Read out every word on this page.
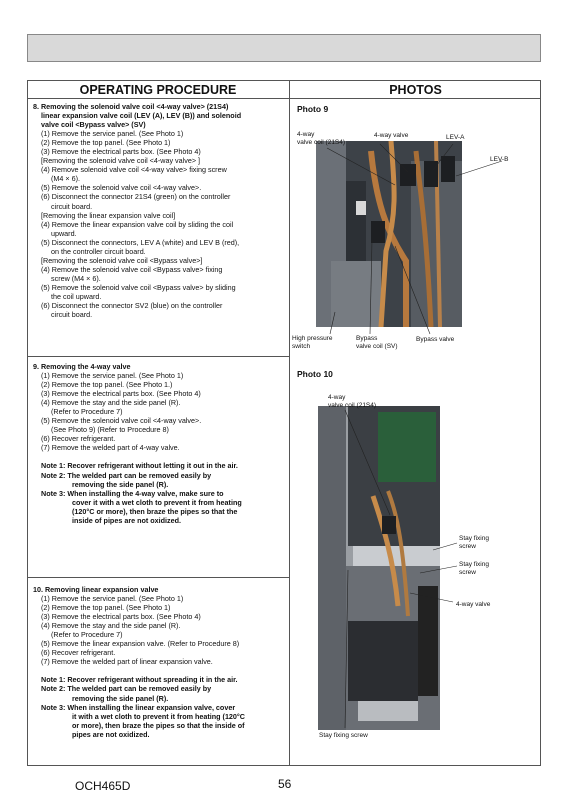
OPERATING PROCEDURE	PHOTOS
8. Removing the solenoid valve coil <4-way valve> (21S4)
linear expansion valve coil (LEV (A), LEV (B)) and solenoid
valve coil <Bypass valve> (SV)
(1) Remove the service panel. (See Photo 1)
(2) Remove the top panel. (See Photo 1)
(3) Remove the electrical parts box. (See Photo 4)
[Removing the solenoid valve coil <4-way valve> ]
(4) Remove solenoid valve coil <4-way valve> fixing screw
(M4 × 6).
(5) Remove the solenoid valve coil <4-way valve>.
(6) Disconnect the connector 21S4 (green) on the controller
circuit board.
[Removing the linear expansion valve coil]
(4) Remove the linear expansion valve coil by sliding the coil
upward.
(5) Disconnect the connectors, LEV A (white) and LEV B (red),
on the controller circuit board.
[Removing the solenoid valve coil <Bypass valve>]
(4) Remove the solenoid valve coil <Bypass valve> fixing
screw (M4 × 6).
(5) Remove the solenoid valve coil <Bypass valve> by sliding
the coil upward.
(6) Disconnect the connector SV2 (blue) on the controller
circuit board.
9. Removing the 4-way valve
(1) Remove the service panel. (See Photo 1)
(2) Remove the top panel. (See Photo 1.)
(3) Remove the electrical parts box. (See Photo 4)
(4) Remove the stay and the side panel (R).
(Refer to Procedure 7)
(5) Remove the solenoid valve coil <4-way valve>.
(See Photo 9) (Refer to Procedure 8)
(6) Recover refrigerant.
(7) Remove the welded part of 4-way valve.
Note 1: Recover refrigerant without letting it out in the air.
Note 2: The welded part can be removed easily by
removing the side panel (R).
Note 3: When installing the 4-way valve, make sure to
cover it with a wet cloth to prevent it from heating
(120°C or more), then braze the pipes so that the
inside of pipes are not oxidized.
10. Removing linear expansion valve
(1) Remove the service panel. (See Photo 1)
(2) Remove the top panel. (See Photo 1)
(3) Remove the electrical parts box. (See Photo 4)
(4) Remove the stay and the side panel (R).
(Refer to Procedure 7)
(5) Remove the linear expansion valve. (Refer to Procedure 8)
(6) Recover refrigerant.
(7) Remove the welded part of linear expansion valve.
Note 1: Recover refrigerant without spreading it in the air.
Note 2: The welded part can be removed easily by
removing the side panel (R).
Note 3: When installing the linear expansion valve, cover
it with a wet cloth to prevent it from heating (120°C
or more), then braze the pipes so that the inside of
pipes are not oxidized.
Photo 9
4-way
valve coil (21S4)
4-way valve	LEV-A
LEV-B
High pressure
switch
Bypass
valve coil (SV)
Bypass valve
Photo 10
4-way
valve coil (21S4)
Stay fixing
screw
Stay fixing
screw
4-way valve
Stay fixing screw
OCH465D	56
